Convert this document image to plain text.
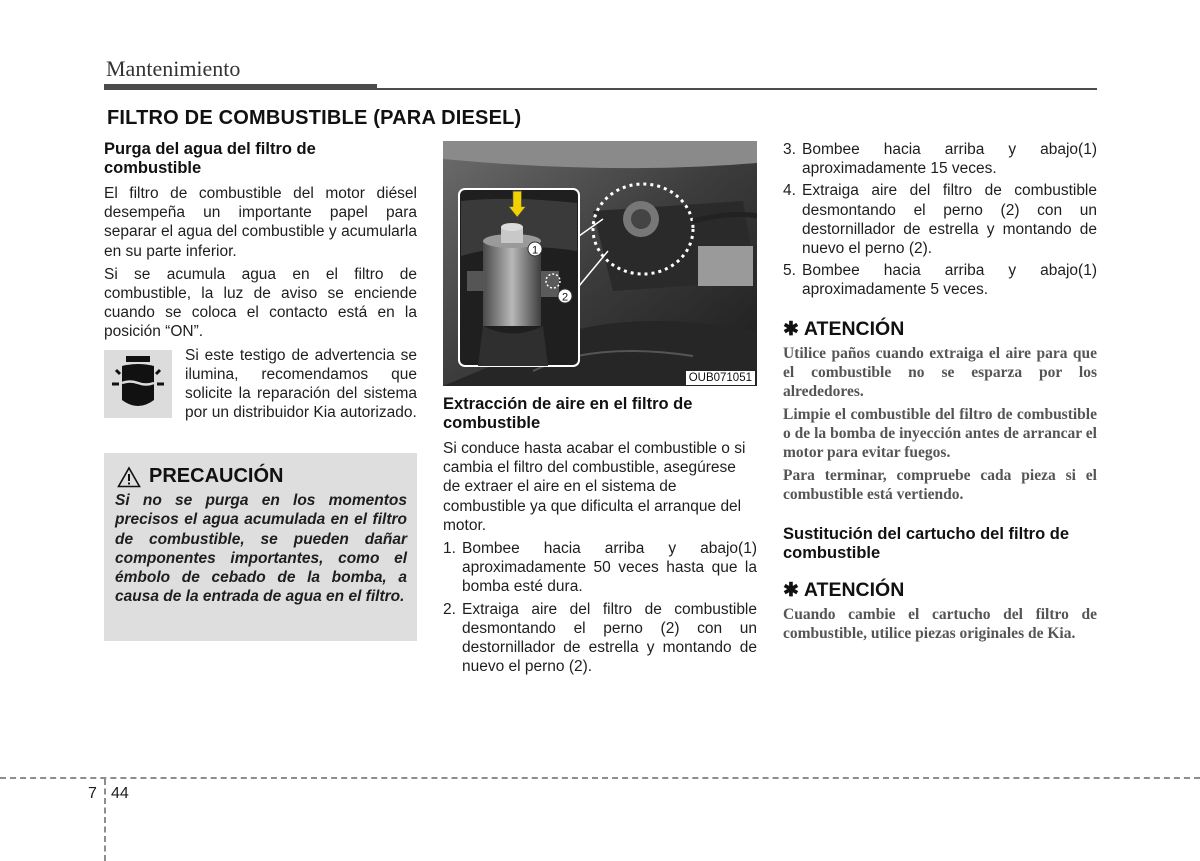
Mantenimiento
FILTRO DE COMBUSTIBLE (PARA DIESEL)
Purga del agua del filtro de combustible

El filtro de combustible del motor diésel desempeña un importante papel para separar el agua del combustible y acumularla en su parte inferior.

Si se acumula agua en el filtro de combustible, la luz de aviso se enciende cuando se coloca el contacto está en la posición “ON”.

Si este testigo de advertencia se ilumina, recomendamos que solicite la reparación del sistema por un distribuidor Kia autorizado.
PRECAUCIÓN
Si no se purga en los momentos precisos el agua acumulada en el filtro de combustible, se pueden dañar componentes importantes, como el émbolo de cebado de la bomba, a causa de la entrada de agua en el filtro.
1
2
OUB071051
Extracción de aire en el filtro de combustible

Si conduce hasta acabar el combustible o si cambia el filtro del combustible, asegúrese de extraer el aire en el sistema de combustible ya que dificulta el arranque del motor.

1. Bombee hacia arriba y abajo(1) aproximadamente 50 veces hasta que la bomba esté dura.
2. Extraiga aire del filtro de combustible desmontando el perno (2) con un destornillador de estrella y montando de nuevo el perno (2).
3. Bombee hacia arriba y abajo(1) aproximadamente 15 veces.
4. Extraiga aire del filtro de combustible desmontando el perno (2) con un destornillador de estrella y montando de nuevo el perno (2).
5. Bombee hacia arriba y abajo(1) aproximadamente 5 veces.
✱ ATENCIÓN

Utilice paños cuando extraiga el aire para que el combustible no se esparza por los alrededores.

Limpie el combustible del filtro de combustible o de la bomba de inyección antes de arrancar el motor para evitar fuegos.

Para terminar, compruebe cada pieza si el combustible está vertiendo.

Sustitución del cartucho del filtro de combustible
✱ ATENCIÓN

Cuando cambie el cartucho del filtro de combustible, utilice piezas originales de Kia.

7 44
